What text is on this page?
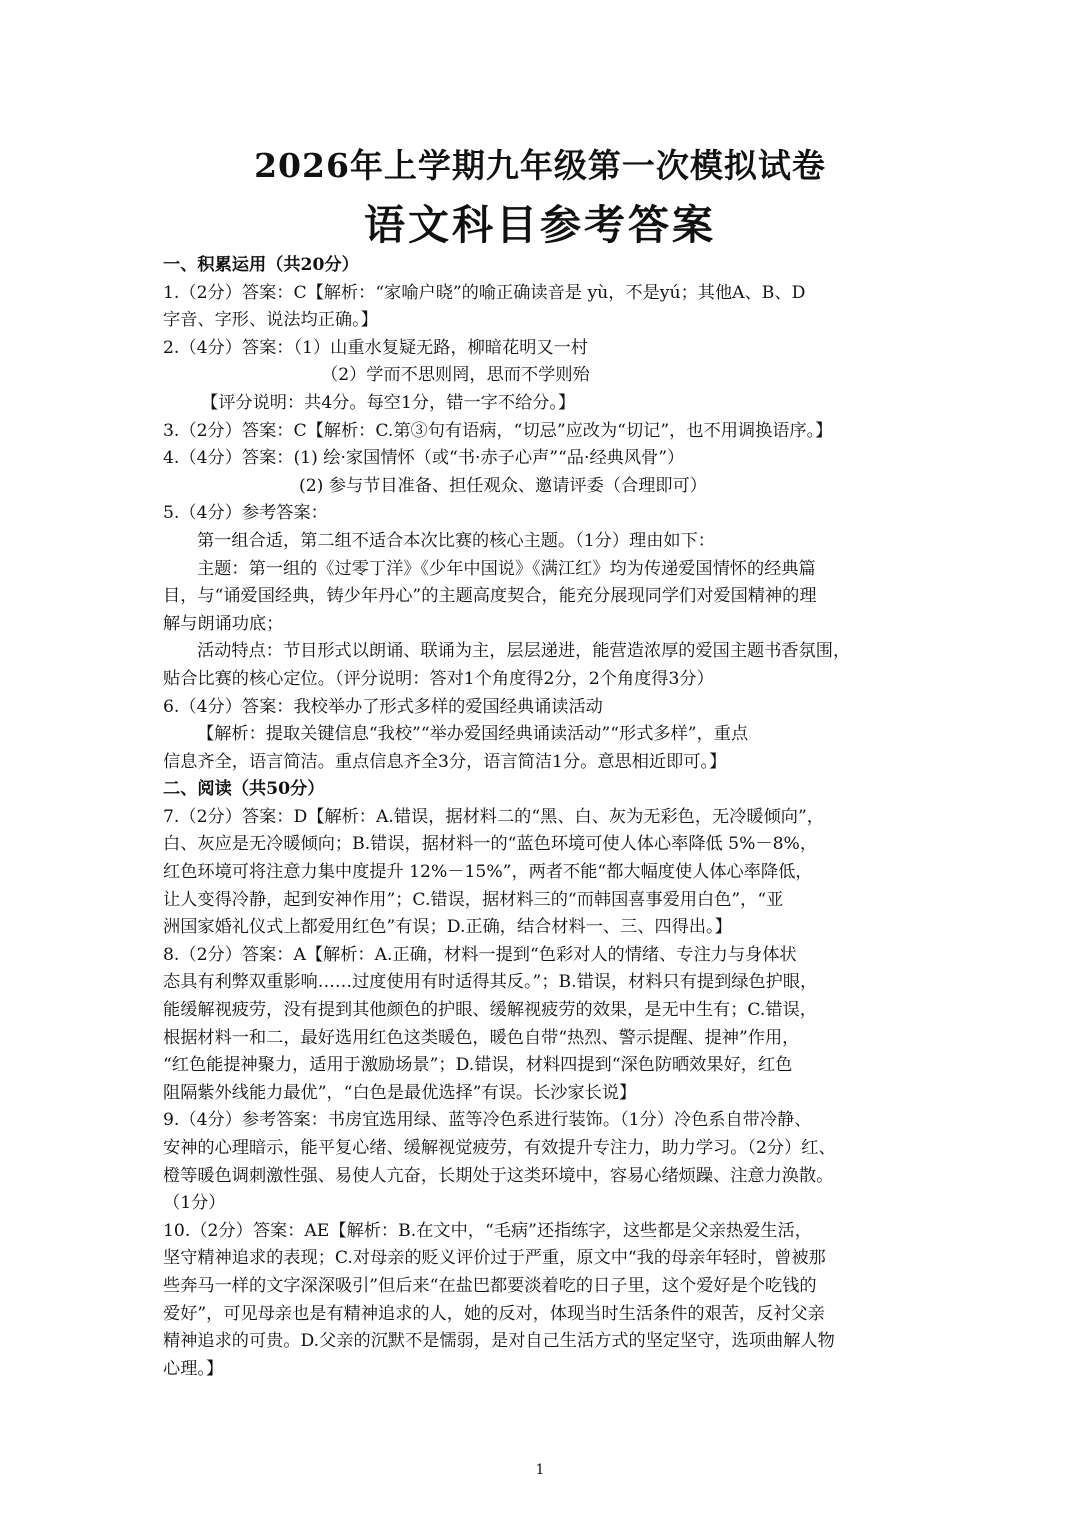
2026年上学期九年级第一次模拟试卷
语文科目参考答案
一、积累运用（共20分）
1.（2分）答案：C【解析：“家喻户晓”的喻正确读音是 yù，不是yú；其他A、B、D
字音、字形、说法均正确。】
2.（4分）答案：（1）山重水复疑无路，柳暗花明又一村
（2）学而不思则罔，思而不学则殆
【评分说明：共4分。每空1分，错一字不给分。】
3.（2分）答案：C【解析：C.第③句有语病，“切忌”应改为“切记”，也不用调换语序。】
4.（4分）答案：(1) 绘·家国情怀（或“书·赤子心声”“品·经典风骨”）
(2) 参与节目准备、担任观众、邀请评委（合理即可）
5.（4分）参考答案：
第一组合适，第二组不适合本次比赛的核心主题。（1分）理由如下：
主题：第一组的《过零丁洋》《少年中国说》《满江红》均为传递爱国情怀的经典篇
目，与“诵爱国经典，铸少年丹心”的主题高度契合，能充分展现同学们对爱国精神的理
解与朗诵功底；
活动特点：节目形式以朗诵、联诵为主，层层递进，能营造浓厚的爱国主题书香氛围，
贴合比赛的核心定位。（评分说明：答对1个角度得2分，2个角度得3分）
6.（4分）答案：我校举办了形式多样的爱国经典诵读活动
【解析：提取关键信息“我校”“举办爱国经典诵读活动”“形式多样”，重点
信息齐全，语言简洁。重点信息齐全3分，语言简洁1分。意思相近即可。】
二、阅读（共50分）
7.（2分）答案：D【解析：A.错误，据材料二的“黑、白、灰为无彩色，无冷暖倾向”，
白、灰应是无冷暖倾向；B.错误，据材料一的“蓝色环境可使人体心率降低 5%－8%，
红色环境可将注意力集中度提升 12%－15%”，两者不能“都大幅度使人体心率降低，
让人变得冷静，起到安神作用”；C.错误，据材料三的“而韩国喜事爱用白色”，“亚
洲国家婚礼仪式上都爱用红色”有误；D.正确，结合材料一、三、四得出。】
8.（2分）答案：A【解析：A.正确，材料一提到“色彩对人的情绪、专注力与身体状
态具有利弊双重影响……过度使用有时适得其反。”；B.错误，材料只有提到绿色护眼，
能缓解视疲劳，没有提到其他颜色的护眼、缓解视疲劳的效果，是无中生有；C.错误，
根据材料一和二，最好选用红色这类暖色，暖色自带“热烈、警示提醒、提神”作用，
“红色能提神聚力，适用于激励场景”；D.错误，材料四提到“深色防晒效果好，红色
阻隔紫外线能力最优”，“白色是最优选择”有误。长沙家长说】
9.（4分）参考答案：书房宜选用绿、蓝等冷色系进行装饰。（1分）冷色系自带冷静、
安神的心理暗示，能平复心绪、缓解视觉疲劳，有效提升专注力，助力学习。（2分）红、
橙等暖色调刺激性强、易使人亢奋，长期处于这类环境中，容易心绪烦躁、注意力涣散。
（1分）
10.（2分）答案：AE【解析：B.在文中，“毛病”还指练字，这些都是父亲热爱生活，
坚守精神追求的表现；C.对母亲的贬义评价过于严重，原文中“我的母亲年轻时，曾被那
些奔马一样的文字深深吸引”但后来“在盐巴都要淡着吃的日子里，这个爱好是个吃钱的
爱好”，可见母亲也是有精神追求的人，她的反对，体现当时生活条件的艰苦，反衬父亲
精神追求的可贵。D.父亲的沉默不是懦弱，是对自己生活方式的坚定坚守，选项曲解人物
心理。】
1
